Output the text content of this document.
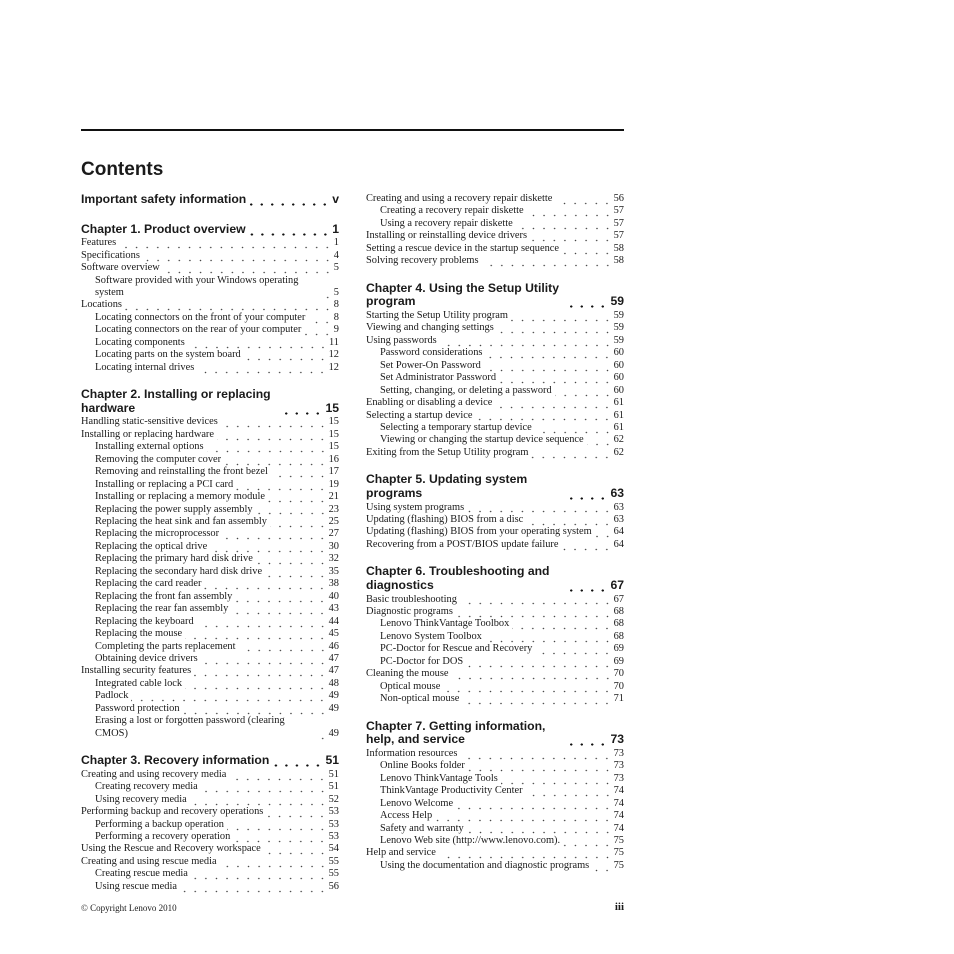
Contents
Important safety information	v
Chapter 1. Product overview	1
Features	1
Specifications	4
Software overview	5
Software provided with your Windows operating system	5
Locations	8
Locating connectors on the front of your computer	8
Locating connectors on the rear of your computer	9
Locating components	11
Locating parts on the system board	12
Locating internal drives	12
Chapter 2. Installing or replacing hardware	15
Handling static-sensitive devices	15
Installing or replacing hardware	15
Installing external options	15
Removing the computer cover	16
Removing and reinstalling the front bezel	17
Installing or replacing a PCI card	19
Installing or replacing a memory module	21
Replacing the power supply assembly	23
Replacing the heat sink and fan assembly	25
Replacing the microprocessor	27
Replacing the optical drive	30
Replacing the primary hard disk drive	32
Replacing the secondary hard disk drive	35
Replacing the card reader	38
Replacing the front fan assembly	40
Replacing the rear fan assembly	43
Replacing the keyboard	44
Replacing the mouse	45
Completing the parts replacement	46
Obtaining device drivers	47
Installing security features	47
Integrated cable lock	48
Padlock	49
Password protection	49
Erasing a lost or forgotten password (clearing CMOS)	49
Chapter 3. Recovery information	51
Creating and using recovery media	51
Creating recovery media	51
Using recovery media	52
Performing backup and recovery operations	53
Performing a backup operation	53
Performing a recovery operation	53
Using the Rescue and Recovery workspace	54
Creating and using rescue media	55
Creating rescue media	55
Using rescue media	56
Creating and using a recovery repair diskette	56
Creating a recovery repair diskette	57
Using a recovery repair diskette	57
Installing or reinstalling device drivers	57
Setting a rescue device in the startup sequence	58
Solving recovery problems	58
Chapter 4. Using the Setup Utility program	59
Starting the Setup Utility program	59
Viewing and changing settings	59
Using passwords	59
Password considerations	60
Set Power-On Password	60
Set Administrator Password	60
Setting, changing, or deleting a password	60
Enabling or disabling a device	61
Selecting a startup device	61
Selecting a temporary startup device	61
Viewing or changing the startup device sequence	62
Exiting from the Setup Utility program	62
Chapter 5. Updating system programs	63
Using system programs	63
Updating (flashing) BIOS from a disc	63
Updating (flashing) BIOS from your operating system 64
Recovering from a POST/BIOS update failure	64
Chapter 6. Troubleshooting and diagnostics	67
Basic troubleshooting	67
Diagnostic programs	68
Lenovo ThinkVantage Toolbox	68
Lenovo System Toolbox	68
PC-Doctor for Rescue and Recovery	69
PC-Doctor for DOS	69
Cleaning the mouse	70
Optical mouse	70
Non-optical mouse	71
Chapter 7. Getting information, help, and service	73
Information resources	73
Online Books folder	73
Lenovo ThinkVantage Tools	73
ThinkVantage Productivity Center	74
Lenovo Welcome	74
Access Help	74
Safety and warranty	74
Lenovo Web site (http://www.lenovo.com).	75
Help and service	75
Using the documentation and diagnostic programs 75
© Copyright Lenovo 2010	iii
